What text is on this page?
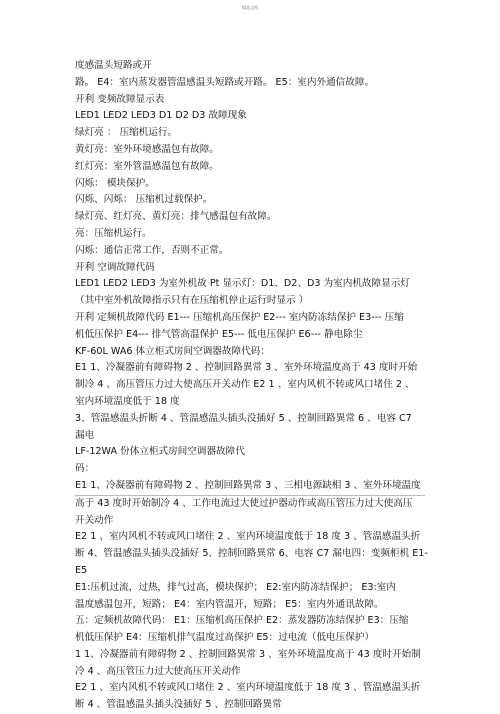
精品文档
度感温头短路或开
路。 E4：室内蒸发器管温感温头短路或开路。 E5：室内外通信故障。
开利 变频故障显示表
LED1 LED2 LED3 D1 D2 D3 故障现象
绿灯亮 ： 压缩机运行。
黄灯亮：室外环境感温包有故障。
红灯亮：室外管温感温包有故障。
闪烁： 模块保护。
闪烁、闪烁： 压缩机过载保护。
绿灯亮、红灯亮、黄灯亮：排气感温包有故障。
亮：压缩机运行。
闪烁：通信正常工作，否则不正常。
开利 空调故障代码
LED1 LED2 LED3 为室外机故 Pt 显示灯：D1、D2、D3 为室内机故障显示灯
（其中室外机故障指示只有在压缩机停止运行时显示 ）
开利 定频机故障代码 E1--- 压缩机高压保护 E2--- 室内防冻结保护 E3--- 压缩
机低压保护 E4--- 排气管高温保护 E5--- 低电压保护 E6--- 静电除尘
KF-60L WA6 体立柜式房间空调器故障代码：
E1 1、冷凝器前有障碍物 2 、控制回路異常 3 、室外环境温度高于 43 度时开始
制冷 4 、高压管压力过大使高压开关动作 E2 1 、室内风机不转或风口堵住 2 、
室内环境温度低于 18 度
3、管温感温头折断 4 、管温感温头插头没插好 5 、控制回路異常 6 、电容 C7
漏电
LF-12WA 份体立柜式房间空调器故障代
码：
E1 1、冷凝器前有障碍物 2 、控制回路異常 3 、三相电源缺相 3 、室外环境温度
高于 43 度时开始制冷 4 、工作电流过大使过护器动作或高压管压力过大使高压
开关动作
E2 1 、室内风机不转或风口堵住 2 、室内环境温度低于 18 度 3 、管温感温头折
断 4、管温感温头插头没插好 5、控制回路異常 6、电容 C7 漏电四：变频柜机 E1-
E5
E1:压机过流，过热，排气过高，模块保护； E2:室内防冻结保护； E3:室内
温度感温包开，短路； E4：室内管温开，短路； E5：室内外通讯故障。
五：定频机故障代码： E1：压缩机高压保护 E2：蒸发器防冻结保护 E3：压缩
机低压保护 E4：压缩机排气温度过高保护 E5：过电流（低电压保护）
1 1、冷凝器前有障碍物 2 、控制回路異常 3 、室外环境温度高于 43 度时开始制
冷 4 、高压管压力过大使高压开关动作
E2 1 、室内风机不转或风口堵住 2 、室内环境温度低于 18 度 3 、管温感温头折
断 4 、管温感温头插头没插好 5 、控制回路異常
